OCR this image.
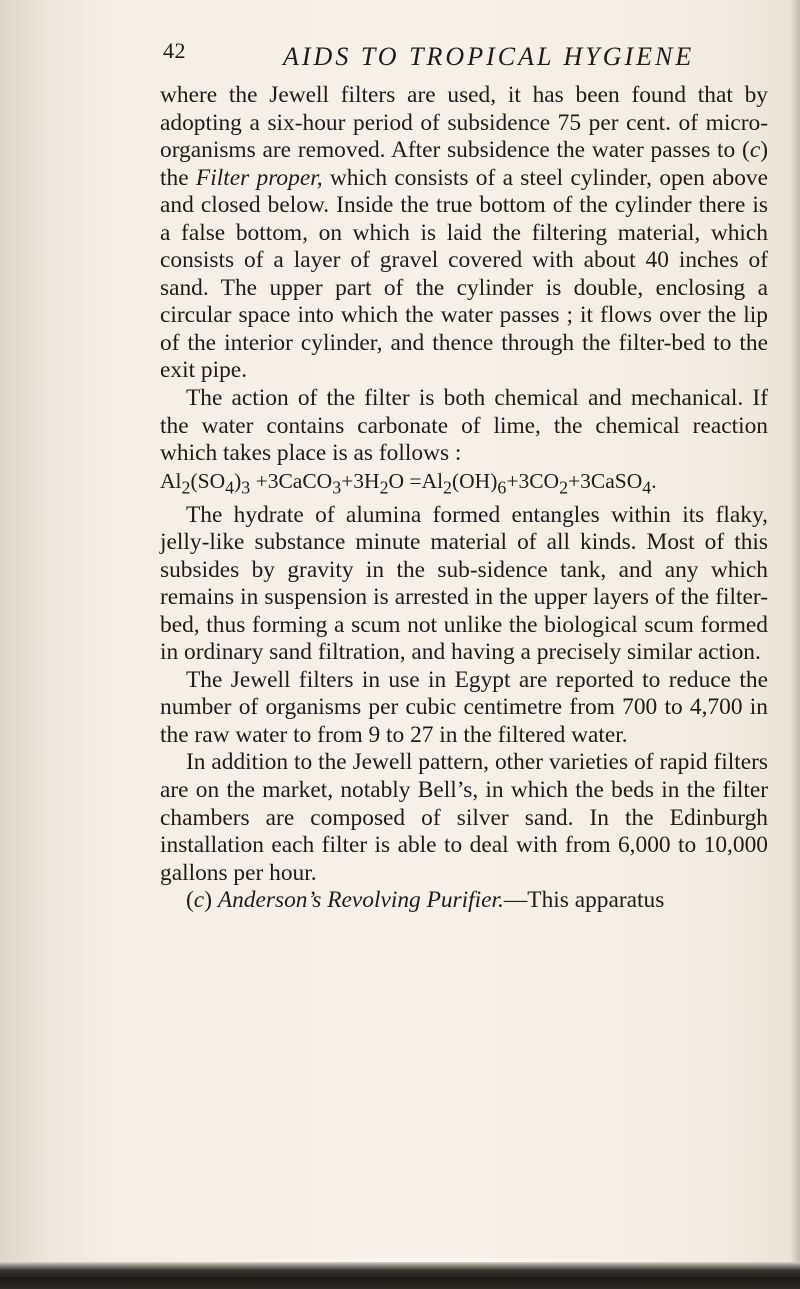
42	AIDS TO TROPICAL HYGIENE

where the Jewell filters are used, it has been found that by adopting a six-hour period of subsidence 75 per cent. of micro-organisms are removed. After subsidence the water passes to (c) the Filter proper, which consists of a steel cylinder, open above and closed below. Inside the true bottom of the cylinder there is a false bottom, on which is laid the filtering material, which consists of a layer of gravel covered with about 40 inches of sand. The upper part of the cylinder is double, enclosing a circular space into which the water passes ; it flows over the lip of the interior cylinder, and thence through the filter-bed to the exit pipe.

The action of the filter is both chemical and mechanical. If the water contains carbonate of lime, the chemical reaction which takes place is as follows :

$Al_2(SO_4)_3$ $+3CaCO_3+3H_2O$ $=Al_2(OH)_6+3CO_2+3CaSO_4$.

The hydrate of alumina formed entangles within its flaky, jelly-like substance minute material of all kinds. Most of this subsides by gravity in the sub-sidence tank, and any which remains in suspension is arrested in the upper layers of the filter-bed, thus forming a scum not unlike the biological scum formed in ordinary sand filtration, and having a precisely similar action.

The Jewell filters in use in Egypt are reported to reduce the number of organisms per cubic centimetre from 700 to 4,700 in the raw water to from 9 to 27 in the filtered water.

In addition to the Jewell pattern, other varieties of rapid filters are on the market, notably Bell’s, in which the beds in the filter chambers are composed of silver sand. In the Edinburgh installation each filter is able to deal with from 6,000 to 10,000 gallons per hour.

(c) Anderson’s Revolving Purifier.—This apparatus
